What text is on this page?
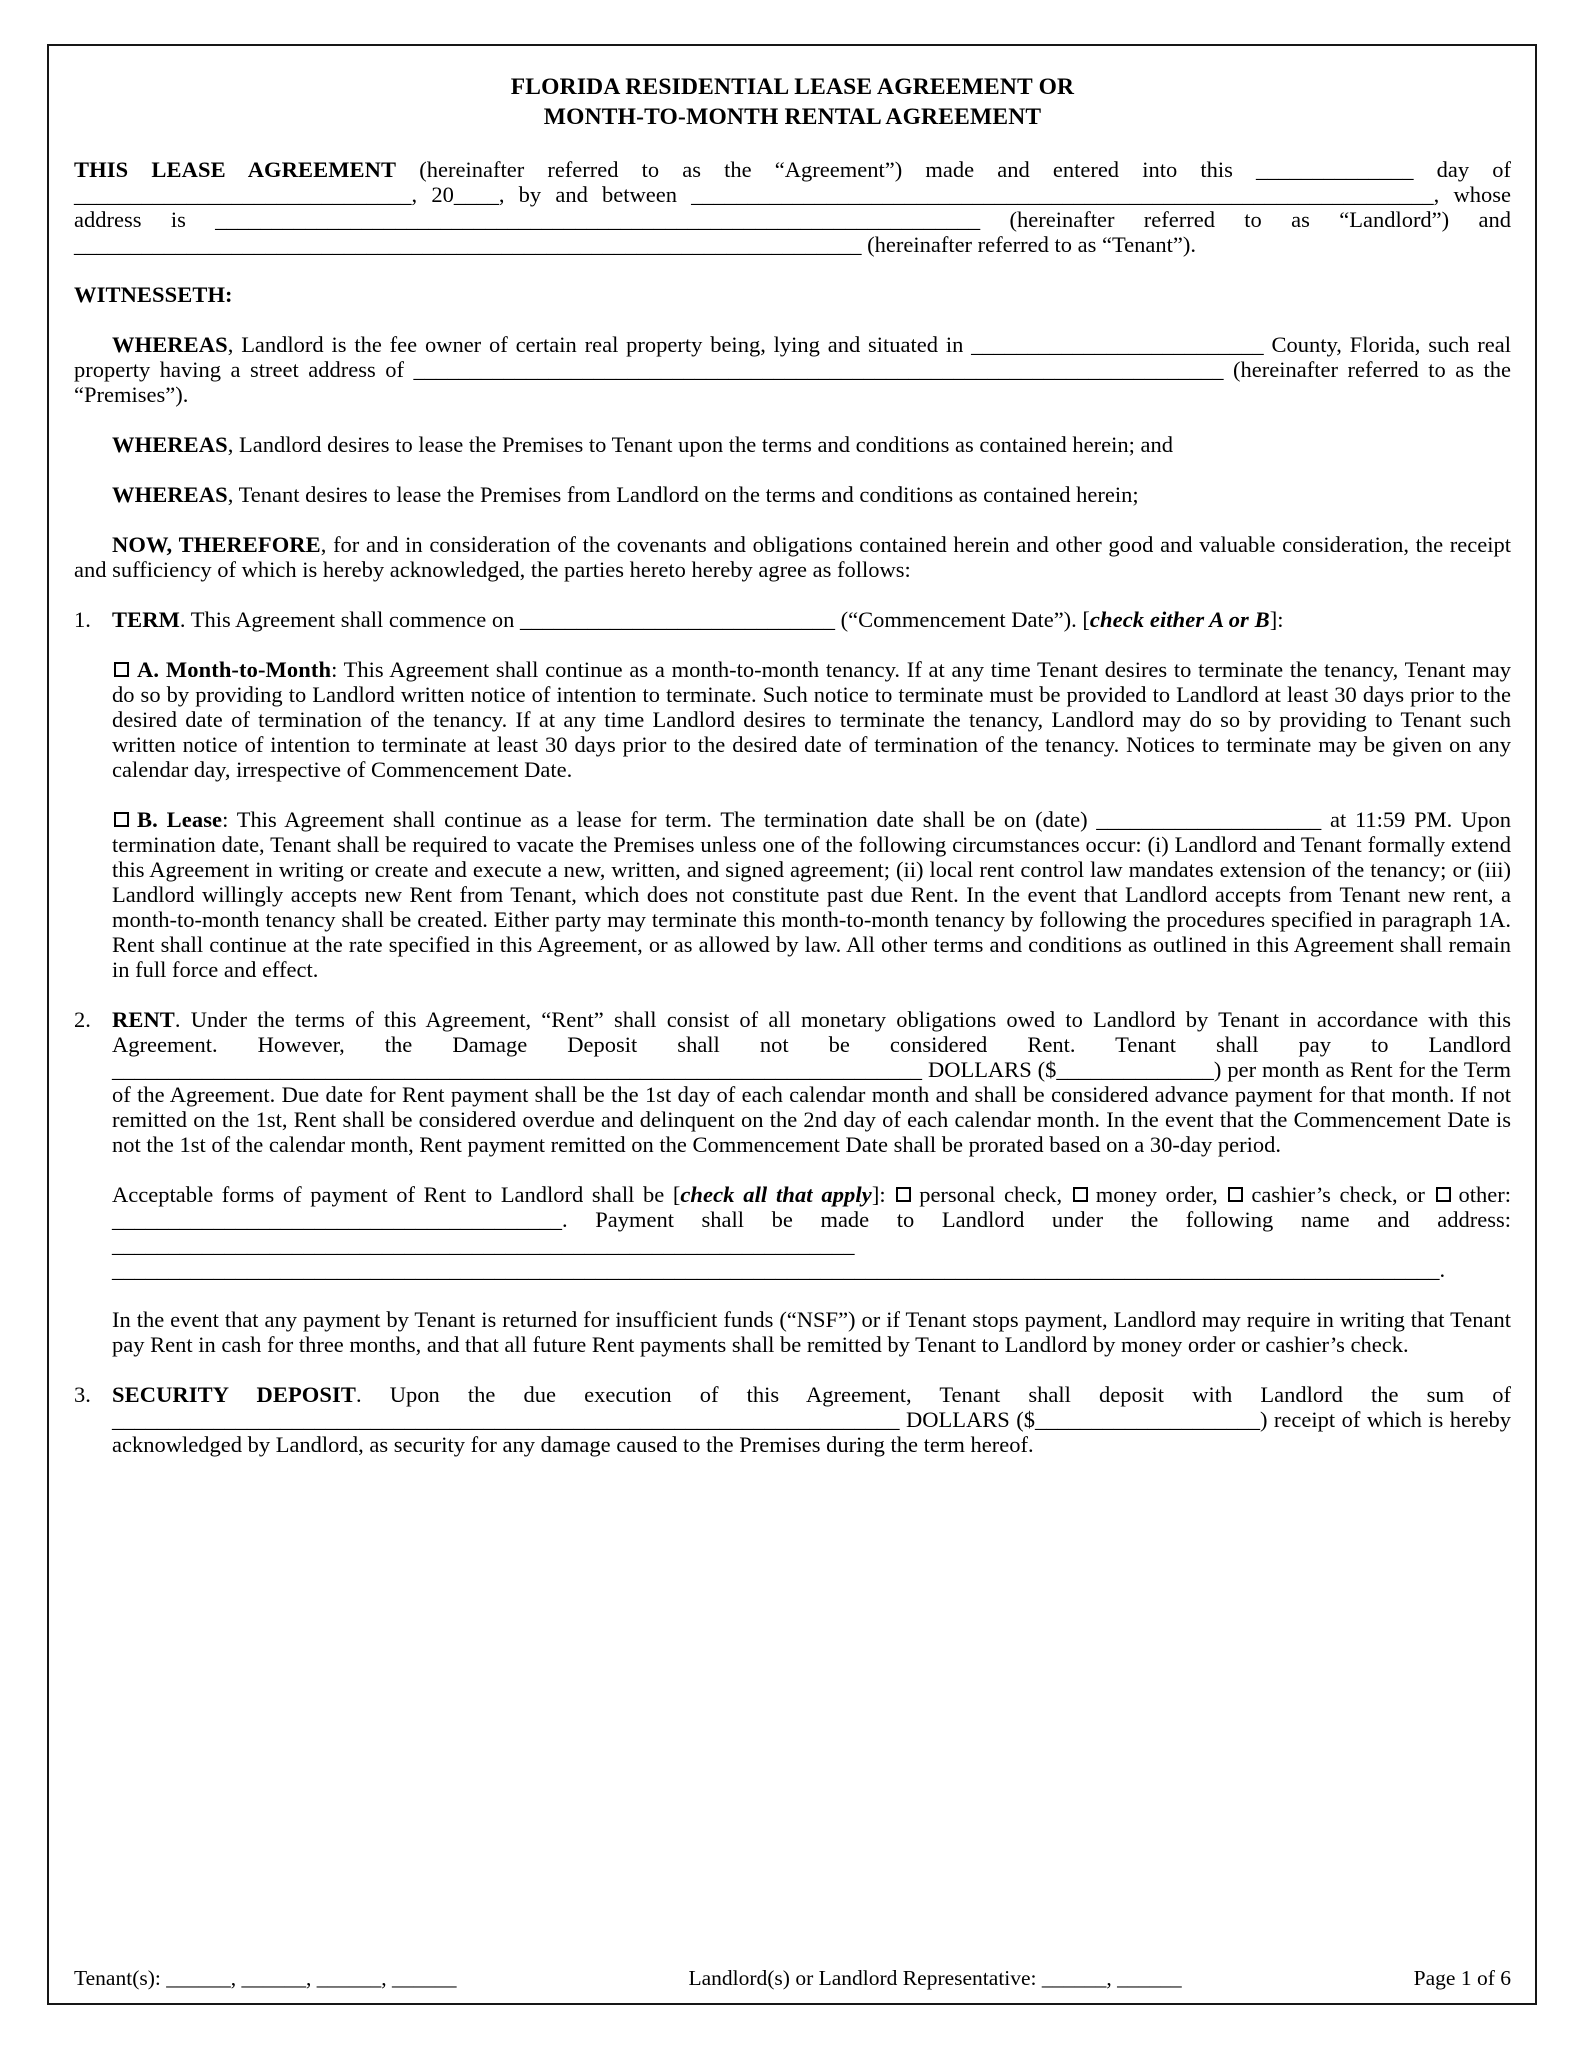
FLORIDA RESIDENTIAL LEASE AGREEMENT OR
MONTH-TO-MONTH RENTAL AGREEMENT

THIS LEASE AGREEMENT (hereinafter referred to as the “Agreement”) made and entered into this ______________ day of ______________________________, 20____, by and between __________________________________________________________________, whose address is ____________________________________________________________________ (hereinafter referred to as “Landlord”) and ______________________________________________________________________ (hereinafter referred to as “Tenant”).

WITNESSETH:

WHEREAS, Landlord is the fee owner of certain real property being, lying and situated in __________________________ County, Florida, such real property having a street address of ________________________________________________________________________ (hereinafter referred to as the “Premises”).

WHEREAS, Landlord desires to lease the Premises to Tenant upon the terms and conditions as contained herein; and

WHEREAS, Tenant desires to lease the Premises from Landlord on the terms and conditions as contained herein;

NOW, THEREFORE, for and in consideration of the covenants and obligations contained herein and other good and valuable consideration, the receipt and sufficiency of which is hereby acknowledged, the parties hereto hereby agree as follows:

1. TERM. This Agreement shall commence on ____________________________ (“Commencement Date”). [check either A or B]:

A. Month-to-Month: This Agreement shall continue as a month-to-month tenancy. If at any time Tenant desires to terminate the tenancy, Tenant may do so by providing to Landlord written notice of intention to terminate. Such notice to terminate must be provided to Landlord at least 30 days prior to the desired date of termination of the tenancy. If at any time Landlord desires to terminate the tenancy, Landlord may do so by providing to Tenant such written notice of intention to terminate at least 30 days prior to the desired date of termination of the tenancy. Notices to terminate may be given on any calendar day, irrespective of Commencement Date.

B. Lease: This Agreement shall continue as a lease for term. The termination date shall be on (date) ____________________ at 11:59 PM. Upon termination date, Tenant shall be required to vacate the Premises unless one of the following circumstances occur: (i) Landlord and Tenant formally extend this Agreement in writing or create and execute a new, written, and signed agreement; (ii) local rent control law mandates extension of the tenancy; or (iii) Landlord willingly accepts new Rent from Tenant, which does not constitute past due Rent. In the event that Landlord accepts from Tenant new rent, a month-to-month tenancy shall be created. Either party may terminate this month-to-month tenancy by following the procedures specified in paragraph 1A. Rent shall continue at the rate specified in this Agreement, or as allowed by law. All other terms and conditions as outlined in this Agreement shall remain in full force and effect.

2. RENT. Under the terms of this Agreement, “Rent” shall consist of all monetary obligations owed to Landlord by Tenant in accordance with this Agreement. However, the Damage Deposit shall not be considered Rent. Tenant shall pay to Landlord ________________________________________________________________________ DOLLARS ($______________) per month as Rent for the Term of the Agreement. Due date for Rent payment shall be the 1st day of each calendar month and shall be considered advance payment for that month. If not remitted on the 1st, Rent shall be considered overdue and delinquent on the 2nd day of each calendar month. In the event that the Commencement Date is not the 1st of the calendar month, Rent payment remitted on the Commencement Date shall be prorated based on a 30-day period.

Acceptable forms of payment of Rent to Landlord shall be [check all that apply]: personal check, money order, cashier’s check, or other: ________________________________________. Payment shall be made to Landlord under the following name and address: __________________________________________________________________ ______________________________________________________________________________________________________________________.

In the event that any payment by Tenant is returned for insufficient funds (“NSF”) or if Tenant stops payment, Landlord may require in writing that Tenant pay Rent in cash for three months, and that all future Rent payments shall be remitted by Tenant to Landlord by money order or cashier’s check.

3. SECURITY DEPOSIT. Upon the due execution of this Agreement, Tenant shall deposit with Landlord the sum of ______________________________________________________________________ DOLLARS ($____________________) receipt of which is hereby acknowledged by Landlord, as security for any damage caused to the Premises during the term hereof.

Tenant(s): ______, ______, ______, ______	Landlord(s) or Landlord Representative: ______, ______	Page 1 of 6
